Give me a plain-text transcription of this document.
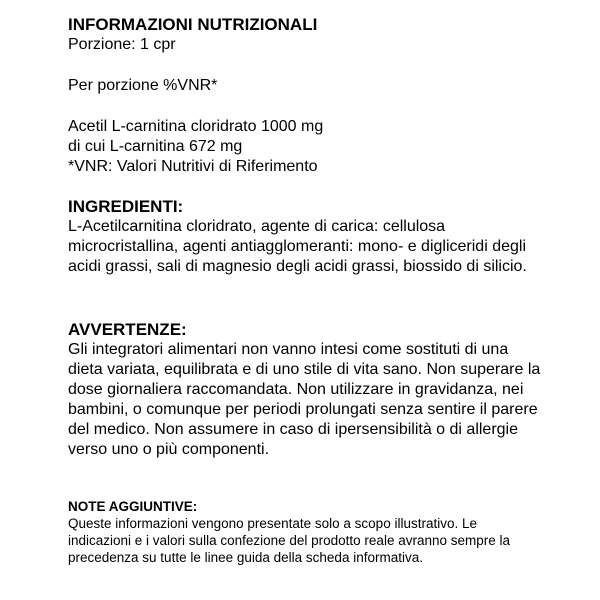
INFORMAZIONI NUTRIZIONALI

Porzione: 1 cpr

Per porzione %VNR*

Acetil L-carnitina cloridrato 1000 mg

di cui L-carnitina 672 mg

*VNR: Valori Nutritivi di Riferimento

INGREDIENTI:

L-Acetilcarnitina cloridrato, agente di carica: cellulosa microcristallina, agenti antiagglomeranti: mono- e digliceridi degli acidi grassi, sali di magnesio degli acidi grassi, biossido di silicio.

AVVERTENZE:

Gli integratori alimentari non vanno intesi come sostituti di una dieta variata, equilibrata e di uno stile di vita sano. Non superare la dose giornaliera raccomandata. Non utilizzare in gravidanza, nei bambini, o comunque per periodi prolungati senza sentire il parere del medico. Non assumere in caso di ipersensibilità o di allergie verso uno o più componenti.

NOTE AGGIUNTIVE:

Queste informazioni vengono presentate solo a scopo illustrativo. Le indicazioni e i valori sulla confezione del prodotto reale avranno sempre la precedenza su tutte le linee guida della scheda informativa.
